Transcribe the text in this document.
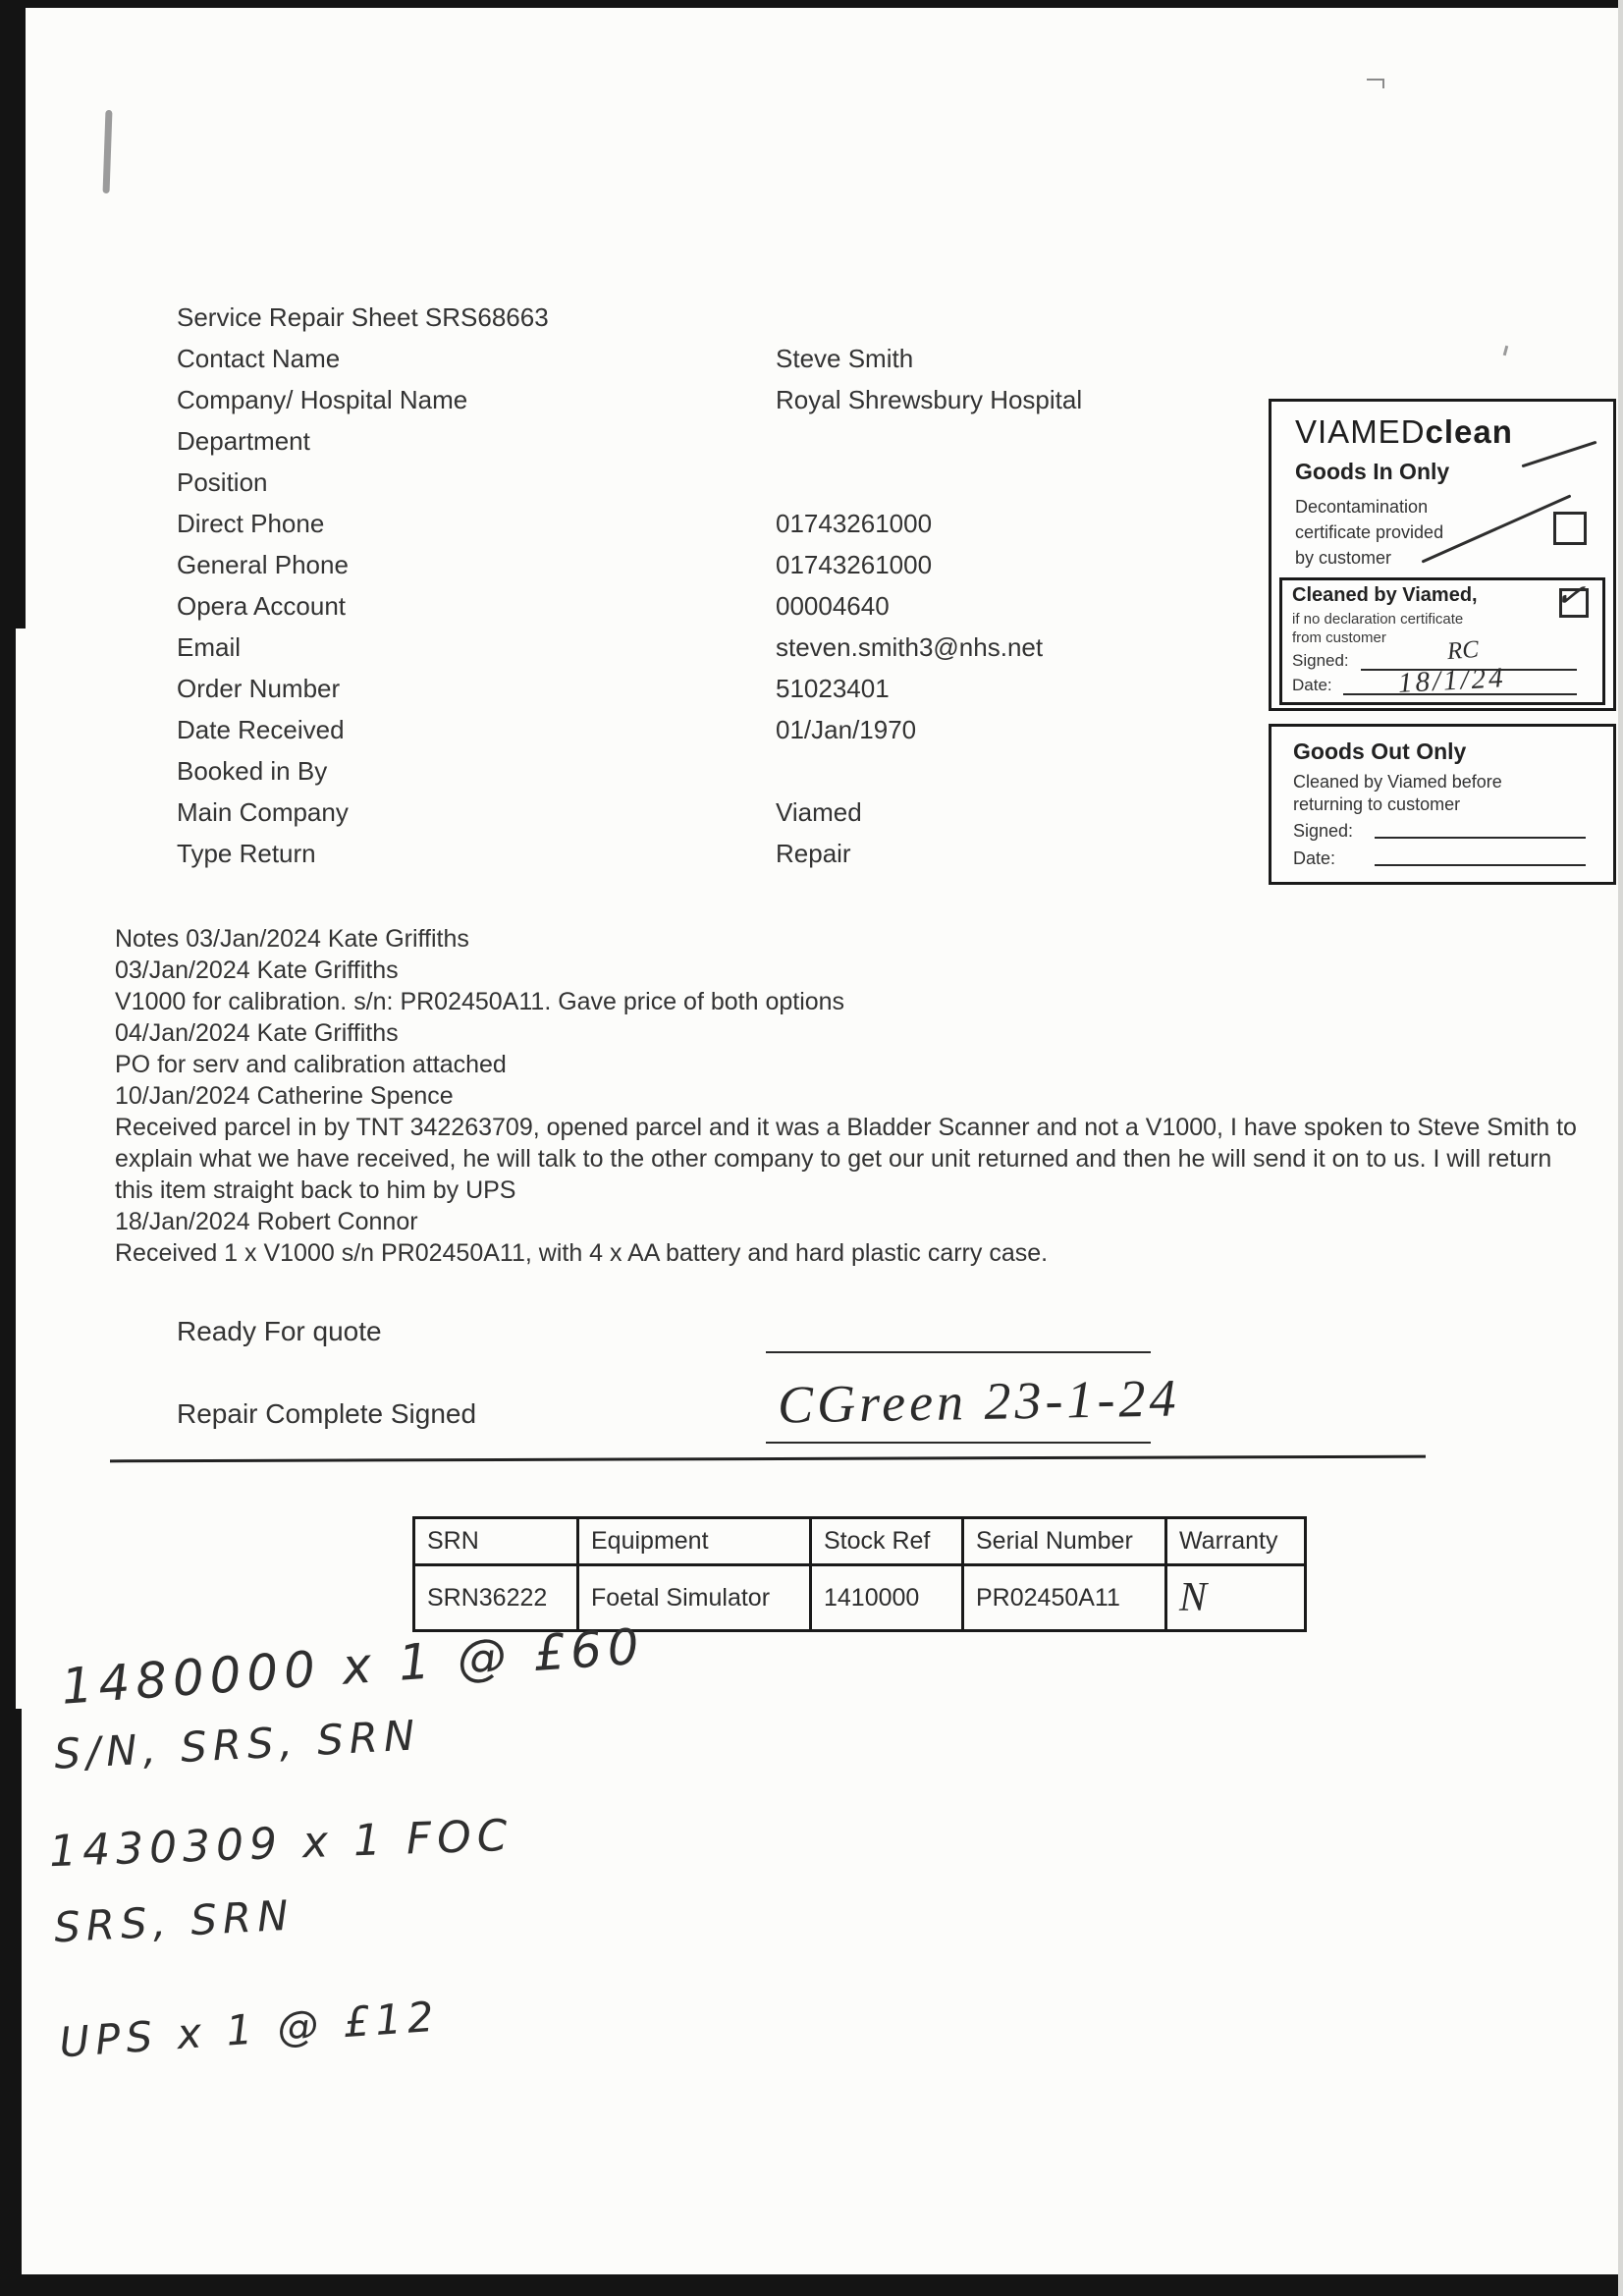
Service Repair Sheet SRS68663
Contact Name	Steve Smith
Company/ Hospital Name	Royal Shrewsbury Hospital
Department
Position
Direct Phone	01743261000
General Phone	01743261000
Opera Account	00004640
Email	steven.smith3@nhs.net
Order Number	51023401
Date Received	01/Jan/1970
Booked in By
Main Company	Viamed
Type Return	Repair
VIAMEDclean
Goods In Only
Decontamination
certificate provided
by customer
Cleaned by Viamed,
if no declaration certificate
from customer
✓
Signed:	RC
Date: 18/1/24
Goods Out Only
Cleaned by Viamed before
returning to customer
Signed:
Date:
Notes 03/Jan/2024 Kate Griffiths
03/Jan/2024 Kate Griffiths
V1000 for calibration. s/n: PR02450A11. Gave price of both options
04/Jan/2024 Kate Griffiths
PO for serv and calibration attached
10/Jan/2024 Catherine Spence
Received parcel in by TNT 342263709, opened parcel and it was a Bladder Scanner and not a V1000, I have spoken to Steve Smith to explain what we have received, he will talk to the other company to get our unit returned and then he will send it on to us. I will return this item straight back to him by UPS
18/Jan/2024 Robert Connor
Received 1 x V1000 s/n PR02450A11, with 4 x AA battery and hard plastic carry case.
Ready For quote
Repair Complete Signed	CGreen 23-1-24
SRN	Equipment	Stock Ref	Serial Number	Warranty
SRN36222	Foetal Simulator	1410000	PR02450A11	N
1480000 x 1 @ £60
S/N, SRS, SRN
1430309 x 1 FOC
SRS, SRN
UPS x 1 @ £12
